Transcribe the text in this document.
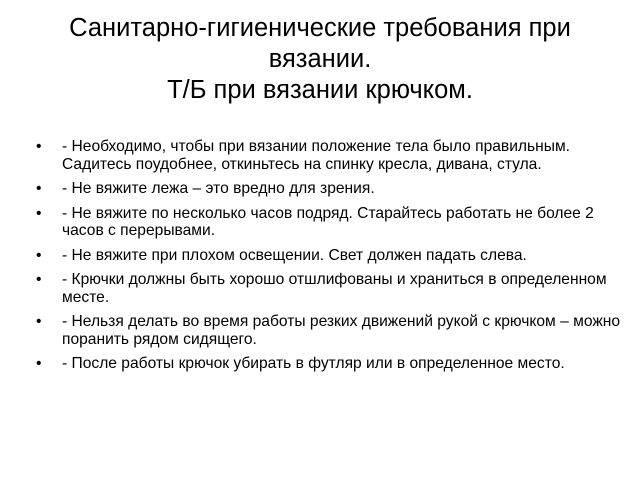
Санитарно-гигиенические требования при
вязании.
Т/Б при вязании крючком.
• - Необходимо, чтобы при вязании положение тела было правильным. Садитесь поудобнее, откиньтесь на спинку кресла, дивана, стула.
• - Не вяжите лежа – это вредно для зрения.
• - Не вяжите по несколько часов подряд. Старайтесь работать не более 2 часов с перерывами.
• - Не вяжите при плохом освещении. Свет должен падать слева.
• - Крючки должны быть хорошо отшлифованы и храниться в определенном месте.
• - Нельзя делать во время работы резких движений рукой с крючком – можно поранить рядом сидящего.
• - После работы крючок убирать в футляр или в определенное место.
